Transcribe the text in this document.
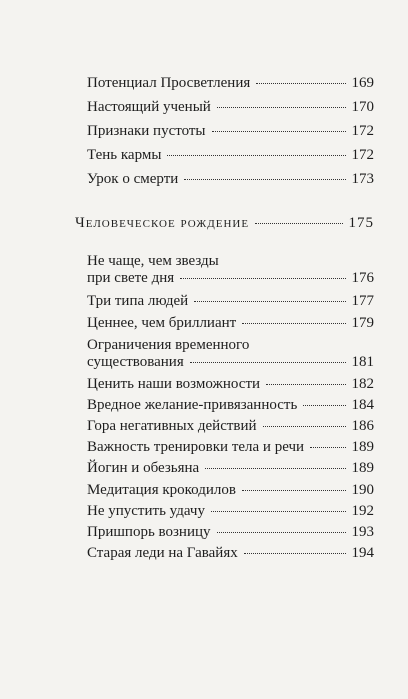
Потенциал Просветления	169
Настоящий ученый	170
Признаки пустоты	172
Тень кармы	172
Урок о смерти	173
Человеческое рождение	175
Не чаще, чем звезды
при свете дня	176
Три типа людей	177
Ценнее, чем бриллиант	179
Ограничения временного
существования	181
Ценить наши возможности	182
Вредное желание-привязанность	184
Гора негативных действий	186
Важность тренировки тела и речи	189
Йогин и обезьяна	189
Медитация крокодилов	190
Не упустить удачу	192
Пришпорь возницу	193
Старая леди на Гавайях	194
